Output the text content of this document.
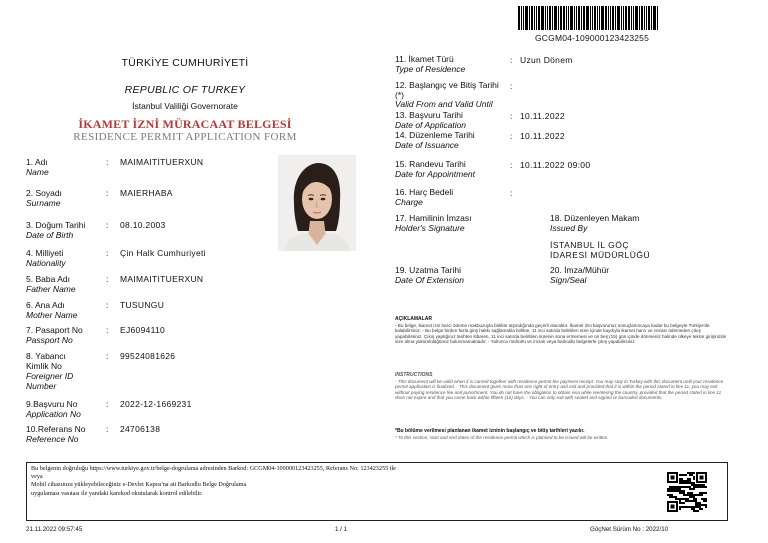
GCGM04-109000123423255
TÜRKİYE CUMHURİYETİ
REPUBLIC OF TURKEY
İstanbul Valiliği Governorate
İKAMET İZNİ MÜRACAAT BELGESİ
RESIDENCE PERMIT APPLICATION FORM
1. Adı
Name
: MAIMAITITUERXUN
2. Soyadı
Surname
: MAIERHABA
3. Doğum Tarihi
Date of Birth
: 08.10.2003
4. Milliyeti
Nationality
: Çin Halk Cumhuriyeti
5. Baba Adı
Father Name
: MAIMAITITUERXUN
6. Ana Adı
Mother Name
: TUSUNGU
7. Pasaport No
Passport No
: EJ6094110
8. Yabancı Kimlik No
Foreigner ID Number
: 99524081626
9.Başvuru No
Application No
: 2022-12-1669231
10.Referans No
Reference No
: 24706138
11. İkamet Türü
Type of Residence
: Uzun Dönem
12. Başlangıç ve Bitiş Tarihi (*)
Valid From and Valid Until
:
13. Başvuru Tarihi
Date of Application
: 10.11.2022
14. Düzenleme Tarihi
Date of Issuance
: 10.11.2022
15. Randevu Tarihi
Date for Appointment
: 10.11.2022 09:00
16. Harç Bedeli
Charge
:
17. Hamilinin İmzası
Holder's Signature
18. Düzenleyen Makam
Issued By
İSTANBUL İL GÖÇ İDARESİ MÜDÜRLÜĞÜ
19. Uzatma Tarihi
Date Of Extension
20. İmza/Mühür
Sign/Seal
AÇIKLAMALAR
- Bu belge, ikamet izni harcı ödeme makbuzuyla birlikte taşındığında geçerli olacaktır. İkamet izni başvurunuz sonuçlanıncaya kadar bu belgeyle Türkiye'de kalabilirsiniz. - Bu belge birden fazla giriş hakkı sağlamakla birlikte, 11 inci satırda belirtilen süre içinde kaydıyla ikamet harcı ve cezası ödemeden çıkış yapabilirsiniz. Çıkış yaptığınız tarihten itibaren, 11 inci satırda belirtilen sürenin sona ermemesi ve on beş (15) gün içinde dönmeniz halinde ülkeye tekrar girişinizde vize alma yükümlülüğünüz bulunmamaktadır. - Yalnızca mühürlü ve imzalı veya barkodlu belgelerle çıkış yapabilirsiniz.
INSTRUCTIONS
- This document will be valid when it is carried together with residence permit fee payment receipt. You may stay in Turkey with this document until your residence permit application is finalized. - This document gives more than one right of entry and exit and provided that it is within the period stated in line 11, you may exit without paying residence fee and punishment. You do not have the obligation to obtain visa while reentering the country, provided that the period stated in line 11 does not expire and that you come back within fifteen (15) days. - You can only exit with sealed and signed or barcoded documents.
*Bu bölüme verilmesi planlanan ikamet izninin başlangıç ve bitiş tarihleri yazılır.
* To this section, start and end dates of the residence permit which is planned to be issued will be written.
Bu belgenin doğruluğu https://www.turkiye.gov.tr/belge-dogrulama adresinden Barkod: GCGM04-109000123423255, Referans No: 123423255 ile
veya
Mobil cihazınıza yükleyebileceğiniz e-Devlet Kapısı'na ait Barkodlu Belge Doğrulama
uygulaması vasıtası ile yandaki karekod okutularak kontrol edilebilir.
21.11.2022 09:57:45	1 / 1	GöçNet Sürüm No : 2022/10
